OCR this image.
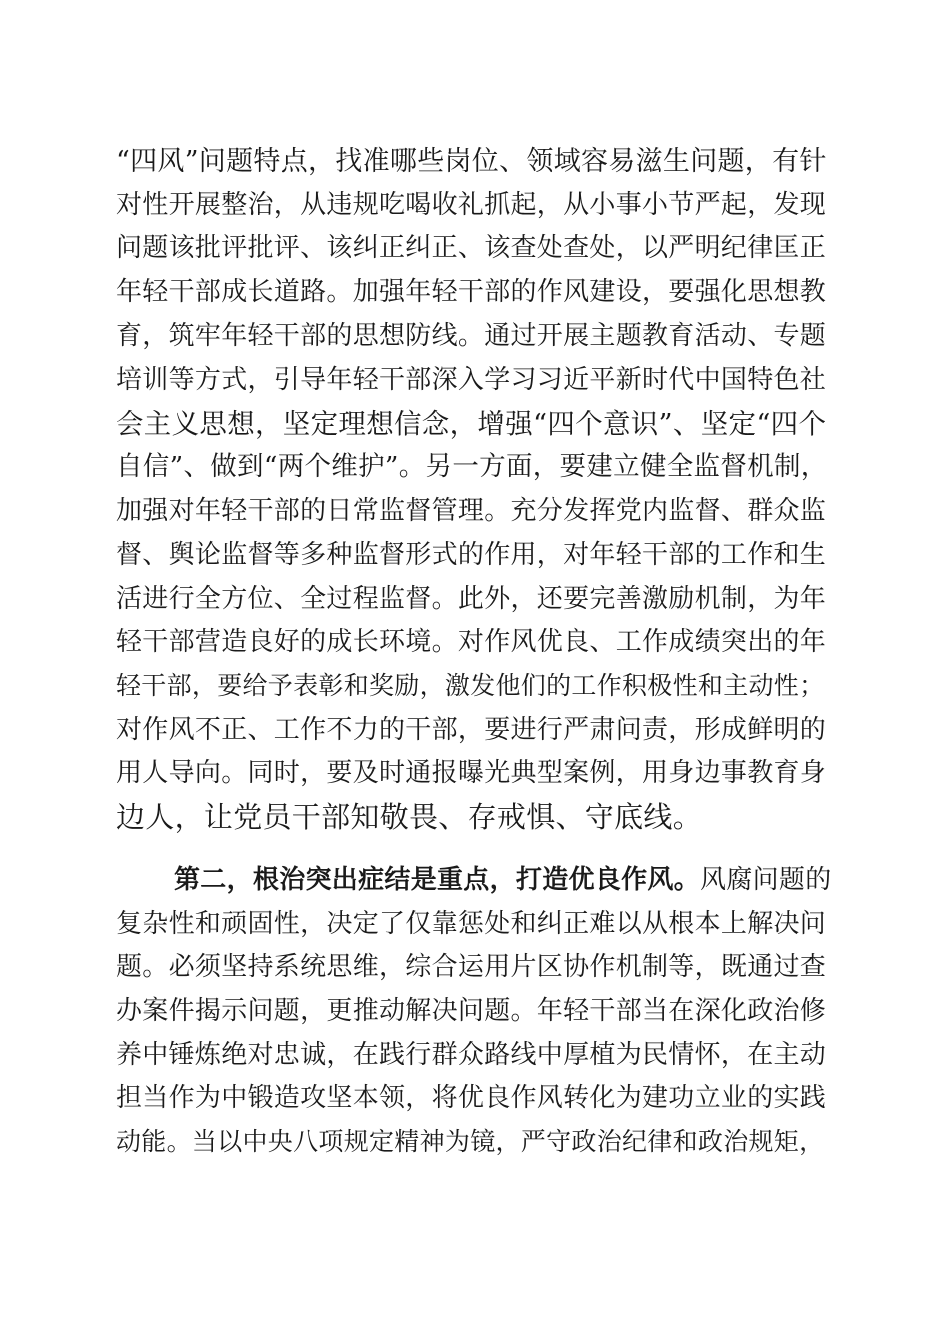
“四风”问题特点，找准哪些岗位、领域容易滋生问题，有针
对性开展整治，从违规吃喝收礼抓起，从小事小节严起，发现
问题该批评批评、该纠正纠正、该查处查处，以严明纪律匡正
年轻干部成长道路。加强年轻干部的作风建设，要强化思想教
育，筑牢年轻干部的思想防线。通过开展主题教育活动、专题
培训等方式，引导年轻干部深入学习习近平新时代中国特色社
会主义思想，坚定理想信念，增强“四个意识”、坚定“四个
自信”、做到“两个维护”。另一方面，要建立健全监督机制，
加强对年轻干部的日常监督管理。充分发挥党内监督、群众监
督、舆论监督等多种监督形式的作用，对年轻干部的工作和生
活进行全方位、全过程监督。此外，还要完善激励机制，为年
轻干部营造良好的成长环境。对作风优良、工作成绩突出的年
轻干部，要给予表彰和奖励，激发他们的工作积极性和主动性；
对作风不正、工作不力的干部，要进行严肃问责，形成鲜明的
用人导向。同时，要及时通报曝光典型案例，用身边事教育身
边人，让党员干部知敬畏、存戒惧、守底线。
第二，根治突出症结是重点，打造优良作风。风腐问题的
复杂性和顽固性，决定了仅靠惩处和纠正难以从根本上解决问
题。必须坚持系统思维，综合运用片区协作机制等，既通过查
办案件揭示问题，更推动解决问题。年轻干部当在深化政治修
养中锤炼绝对忠诚，在践行群众路线中厚植为民情怀，在主动
担当作为中锻造攻坚本领，将优良作风转化为建功立业的实践
动能。当以中央八项规定精神为镜，严守政治纪律和政治规矩，
